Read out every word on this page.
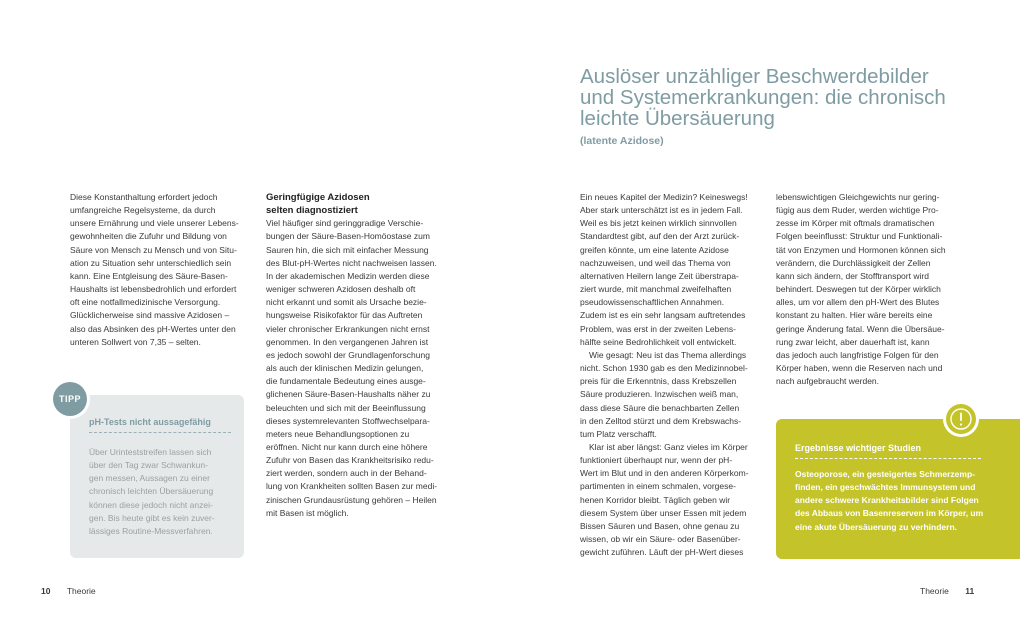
Auslöser unzähliger Beschwerdebilder
und Systemerkrankungen: die chronisch
leichte Übersäuerung
(latente Azidose)

Diese Konstanthaltung erfordert jedoch

umfangreiche Regelsysteme, da durch

unsere Ernährung und viele unserer Lebens-

gewohnheiten die Zufuhr und Bildung von

Säure von Mensch zu Mensch und von Situ-

ation zu Situation sehr unterschiedlich sein

kann. Eine Entgleisung des Säure-Basen-

Haushalts ist lebensbedrohlich und erfordert

oft eine notfallmedizinische Versorgung.

Glücklicherweise sind massive Azidosen –

also das Absinken des pH-Wertes unter den

unteren Sollwert von 7,35 – selten.

TIPP
pH-Tests nicht aussagefähig

Über Urinteststreifen lassen sich

über den Tag zwar Schwankun-

gen messen, Aussagen zu einer

chronisch leichten Übersäuerung

können diese jedoch nicht anzei-

gen. Bis heute gibt es kein zuver-

lässiges Routine-Messverfahren.

Geringfügige Azidosen

selten diagnostiziert

Viel häufiger sind geringgradige Verschie-

bungen der Säure-Basen-Homöostase zum

Sauren hin, die sich mit einfacher Messung

des Blut-pH-Wertes nicht nachweisen lassen.

In der akademischen Medizin werden diese

weniger schweren Azidosen deshalb oft

nicht erkannt und somit als Ursache bezie-

hungsweise Risikofaktor für das Auftreten

vieler chronischer Erkrankungen nicht ernst

genommen. In den vergangenen Jahren ist

es jedoch sowohl der Grundlagenforschung

als auch der klinischen Medizin gelungen,

die fundamentale Bedeutung eines ausge-

glichenen Säure-Basen-Haushalts näher zu

beleuchten und sich mit der Beeinflussung

dieses systemrelevanten Stoffwechselpara-

meters neue Behandlungsoptionen zu

eröffnen. Nicht nur kann durch eine höhere

Zufuhr von Basen das Krankheitsrisiko redu-

ziert werden, sondern auch in der Behand-

lung von Krankheiten sollten Basen zur medi-

zinischen Grundausrüstung gehören – Heilen

mit Basen ist möglich.

Ein neues Kapitel der Medizin? Keineswegs!

Aber stark unterschätzt ist es in jedem Fall.

Weil es bis jetzt keinen wirklich sinnvollen

Standardtest gibt, auf den der Arzt zurück-

greifen könnte, um eine latente Azidose

nachzuweisen, und weil das Thema von

alternativen Heilern lange Zeit überstrapa-

ziert wurde, mit manchmal zweifelhaften

pseudowissenschaftlichen Annahmen.

Zudem ist es ein sehr langsam auftretendes

Problem, was erst in der zweiten Lebens-

hälfte seine Bedrohlichkeit voll entwickelt.

Wie gesagt: Neu ist das Thema allerdings

nicht. Schon 1930 gab es den Medizinnobel-

preis für die Erkenntnis, dass Krebszellen

Säure produzieren. Inzwischen weiß man,

dass diese Säure die benachbarten Zellen

in den Zelltod stürzt und dem Krebswachs-

tum Platz verschafft.

Klar ist aber längst: Ganz vieles im Körper

funktioniert überhaupt nur, wenn der pH-

Wert im Blut und in den anderen Körperkom-

partimenten in einem schmalen, vorgese-

henen Korridor bleibt. Täglich geben wir

diesem System über unser Essen mit jedem

Bissen Säuren und Basen, ohne genau zu

wissen, ob wir ein Säure- oder Basenüber-

gewicht zuführen. Läuft der pH-Wert dieses

lebenswichtigen Gleichgewichts nur gering-

fügig aus dem Ruder, werden wichtige Pro-

zesse im Körper mit oftmals dramatischen

Folgen beeinflusst: Struktur und Funktionali-

tät von Enzymen und Hormonen können sich

verändern, die Durchlässigkeit der Zellen

kann sich ändern, der Stofftransport wird

behindert. Deswegen tut der Körper wirklich

alles, um vor allem den pH-Wert des Blutes

konstant zu halten. Hier wäre bereits eine

geringe Änderung fatal. Wenn die Übersäue-

rung zwar leicht, aber dauerhaft ist, kann

das jedoch auch langfristige Folgen für den

Körper haben, wenn die Reserven nach und

nach aufgebraucht werden.

Ergebnisse wichtiger Studien

Osteoporose, ein gesteigertes Schmerzemp-

finden, ein geschwächtes Immunsystem und

andere schwere Krankheitsbilder sind Folgen

des Abbaus von Basenreserven im Körper, um

eine akute Übersäuerung zu verhindern.

10 Theorie	Theorie 11
